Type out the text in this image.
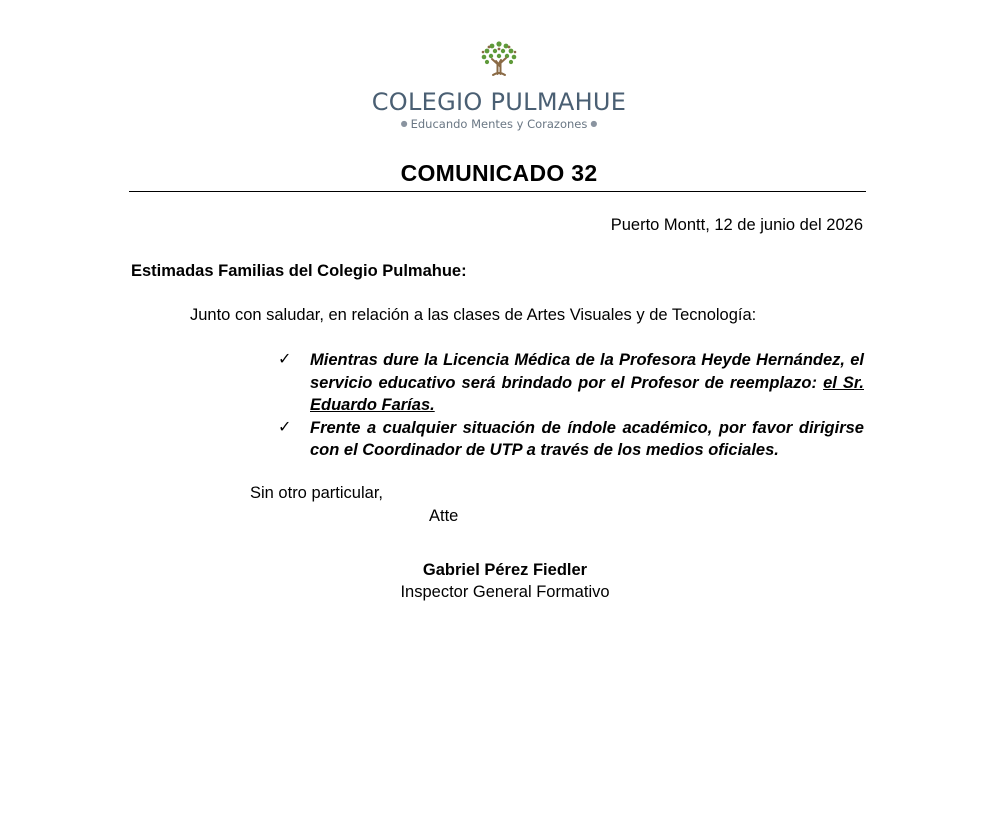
COLEGIO PULMAHUE
● Educando Mentes y Corazones ●
COMUNICADO 32
Puerto Montt, 12 de junio del 2026
Estimadas Familias del Colegio Pulmahue:
Junto con saludar, en relación a las clases de Artes Visuales y de Tecnología:
✓ Mientras dure la Licencia Médica de la Profesora Heyde Hernández, el servicio educativo será brindado por el Profesor de reemplazo: el Sr. Eduardo Farías.
✓ Frente a cualquier situación de índole académico, por favor dirigirse con el Coordinador de UTP a través de los medios oficiales.
Sin otro particular,
Atte
Gabriel Pérez Fiedler
Inspector General Formativo
